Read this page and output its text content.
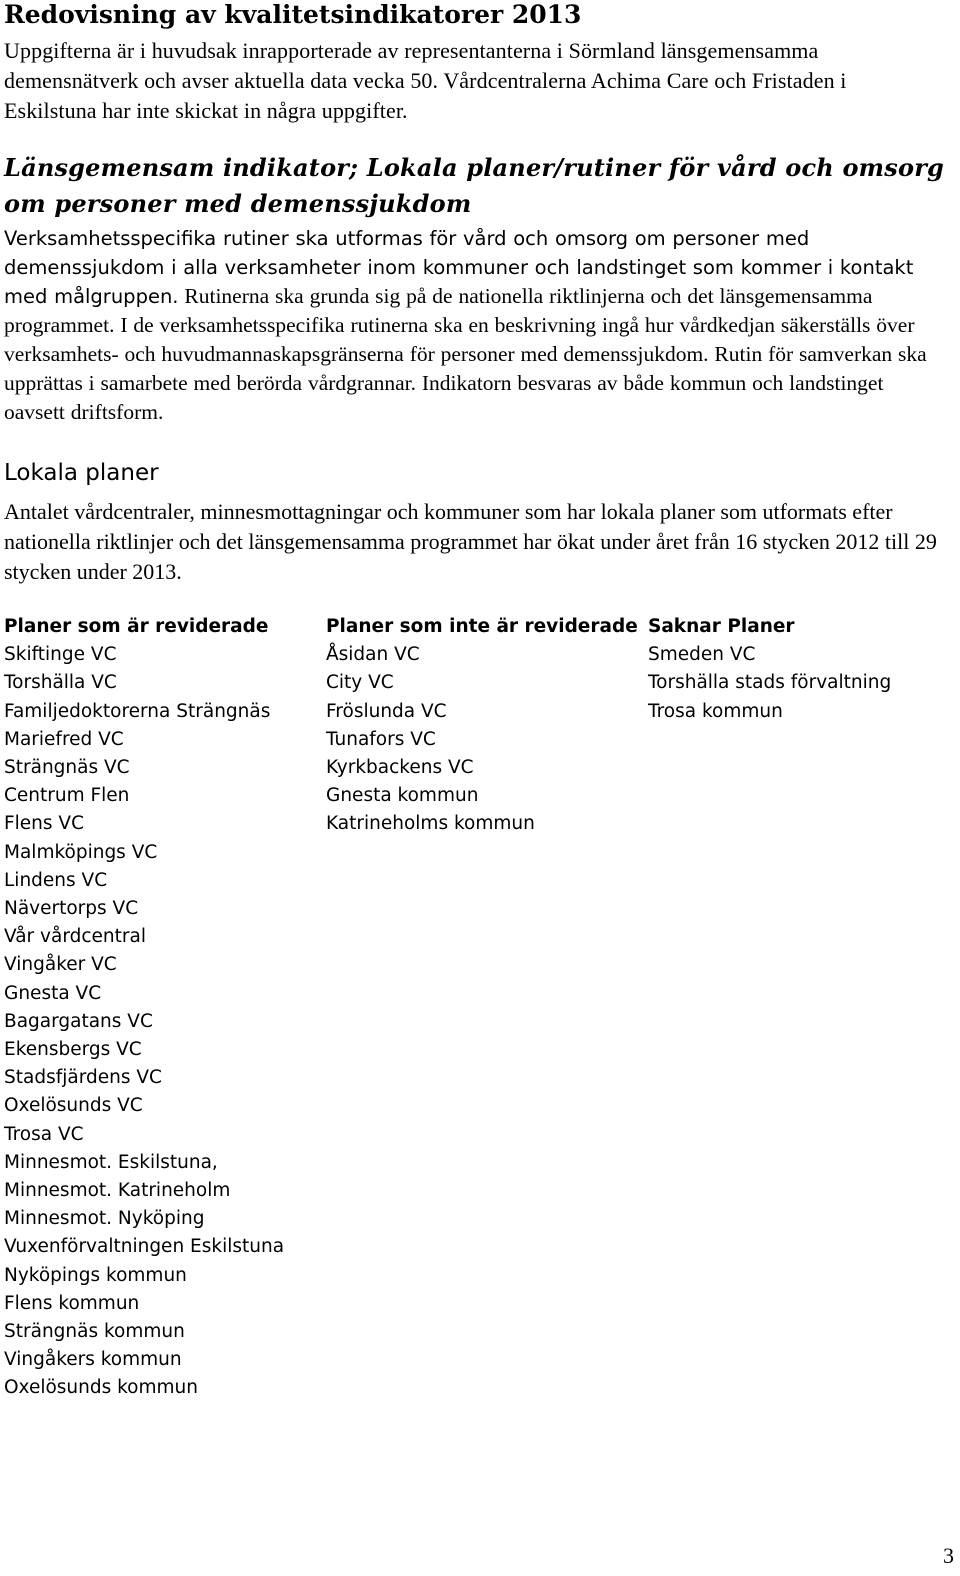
Redovisning av kvalitetsindikatorer 2013

Uppgifterna är i huvudsak inrapporterade av representanterna i Sörmland länsgemensamma demensnätverk och avser aktuella data vecka 50. Vårdcentralerna Achima Care och Fristaden i Eskilstuna har inte skickat in några uppgifter.

Länsgemensam indikator; Lokala planer/rutiner för vård och omsorg om personer med demenssjukdom

Verksamhetsspecifika rutiner ska utformas för vård och omsorg om personer med demenssjukdom i alla verksamheter inom kommuner och landstinget som kommer i kontakt med målgruppen. Rutinerna ska grunda sig på de nationella riktlinjerna och det länsgemensamma programmet. I de verksamhetsspecifika rutinerna ska en beskrivning ingå hur vårdkedjan säkerställs över verksamhets- och huvudmannaskapsgränserna för personer med demenssjukdom. Rutin för samverkan ska upprättas i samarbete med berörda vårdgrannar. Indikatorn besvaras av både kommun och landstinget oavsett driftsform.

Lokala planer

Antalet vårdcentraler, minnesmottagningar och kommuner som har lokala planer som utformats efter nationella riktlinjer och det länsgemensamma programmet har ökat under året från 16 stycken 2012 till 29 stycken under 2013.

Planer som är reviderade
Skiftinge VC
Torshälla VC
Familjedoktorerna Strängnäs
Mariefred VC
Strängnäs VC
Centrum Flen
Flens VC
Malmköpings VC
Lindens VC
Nävertorps VC
Vår vårdcentral
Vingåker VC
Gnesta VC
Bagargatans VC
Ekensbergs VC
Stadsfjärdens VC
Oxelösunds VC
Trosa VC
Minnesmot. Eskilstuna,
Minnesmot. Katrineholm
Minnesmot. Nyköping
Vuxenförvaltningen Eskilstuna
Nyköpings kommun
Flens kommun
Strängnäs kommun
Vingåkers kommun
Oxelösunds kommun
Planer som inte är reviderade
Åsidan VC
City VC
Fröslunda VC
Tunafors VC
Kyrkbackens VC
Gnesta kommun
Katrineholms kommun
Saknar Planer
Smeden VC
Torshälla stads förvaltning
Trosa kommun
3
